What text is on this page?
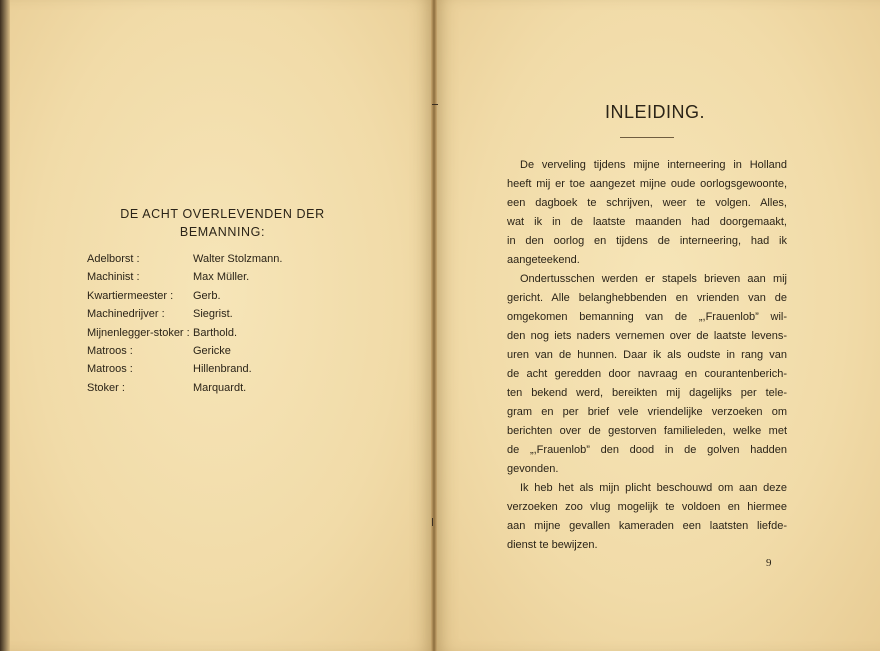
DE ACHT OVERLEVENDEN DER
BEMANNING:
Adelborst :	Walter Stolzmann.
Machinist :	Max Müller.
Kwartiermeester : Gerb.
Machinedrijver :	Siegrist.
Mijnenlegger-stoker : Barthold.
Matroos :	Gericke
Matroos :	Hillenbrand.
Stoker :	Marquardt.
INLEIDING.
De verveling tijdens mijne interneering in Holland
heeft mij er toe aangezet mijne oude oorlogsgewoonte,
een dagboek te schrijven, weer te volgen. Alles,
wat ik in de laatste maanden had doorgemaakt,
in den oorlog en tijdens de interneering, had ik
aangeteekend.
Ondertusschen werden er stapels brieven aan mij
gericht. Alle belanghebbenden en vrienden van de
omgekomen bemanning van de „,Frauenlob” wil-
den nog iets naders vernemen over de laatste levens-
uren van de hunnen. Daar ik als oudste in rang van
de acht geredden door navraag en courantenberich-
ten bekend werd, bereikten mij dagelijks per tele-
gram en per brief vele vriendelijke verzoeken om
berichten over de gestorven familieleden, welke met
de „,Frauenlob” den dood in de golven hadden
gevonden.
Ik heb het als mijn plicht beschouwd om aan deze
verzoeken zoo vlug mogelijk te voldoen en hiermee
aan mijne gevallen kameraden een laatsten liefde-
dienst te bewijzen.
9
